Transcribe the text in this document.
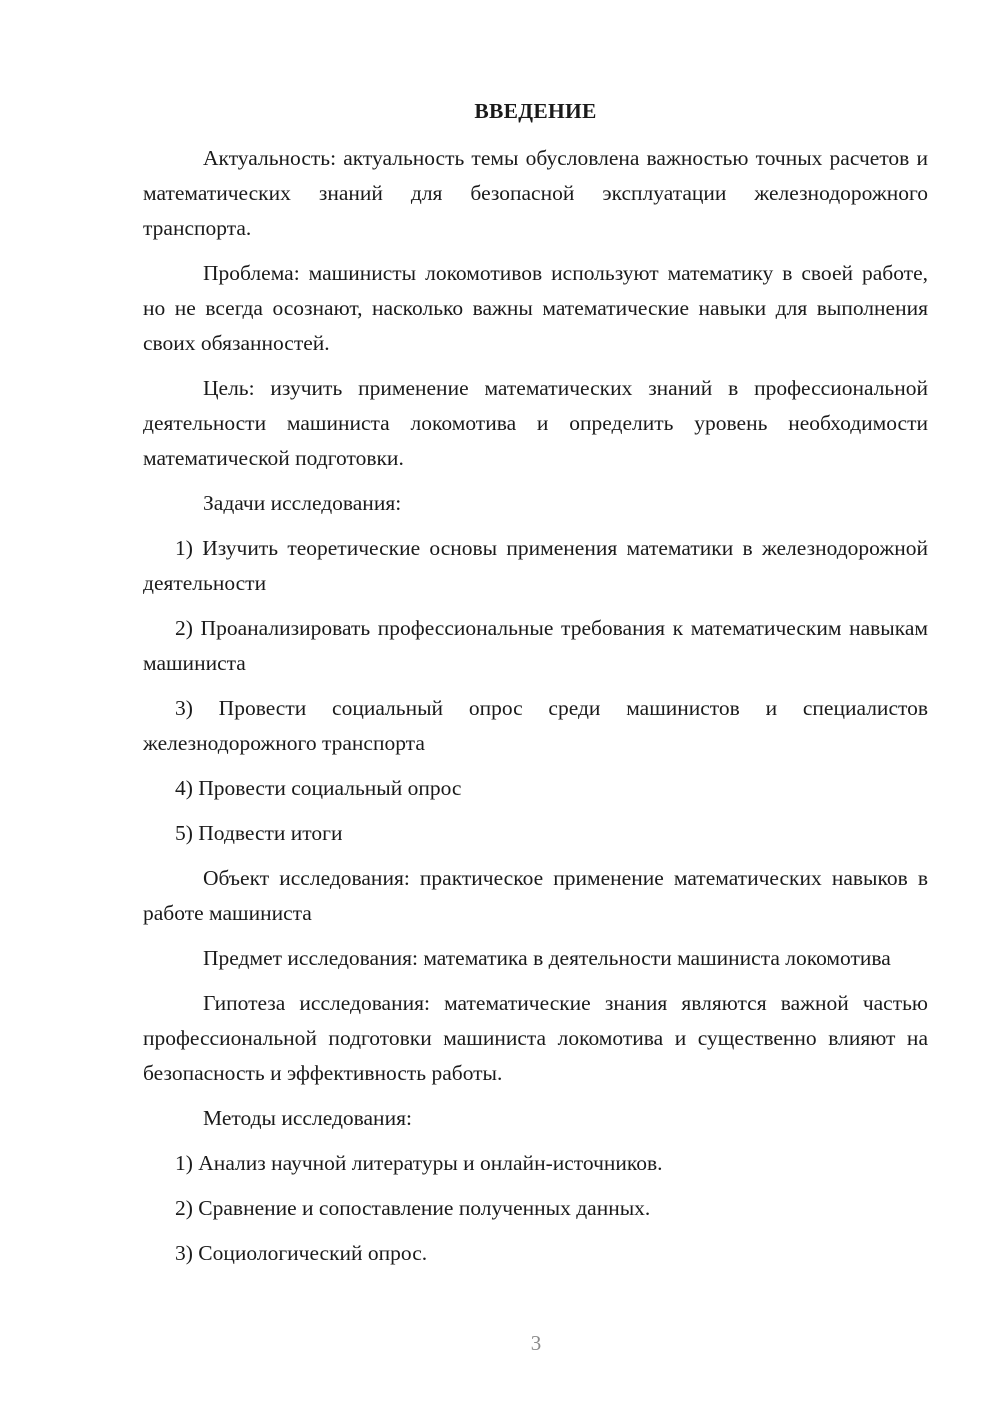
ВВЕДЕНИЕ

Актуальность: актуальность темы обусловлена важностью точных расчетов и математических знаний для безопасной эксплуатации железнодорожного транспорта.

Проблема: машинисты локомотивов используют математику в своей работе, но не всегда осознают, насколько важны математические навыки для выполнения своих обязанностей.

Цель: изучить применение математических знаний в профессиональной деятельности машиниста локомотива и определить уровень необходимости математической подготовки.

Задачи исследования:

1) Изучить теоретические основы применения математики в железнодорожной деятельности

2) Проанализировать профессиональные требования к математическим навыкам машиниста

3) Провести социальный опрос среди машинистов и специалистов железнодорожного транспорта

4) Провести социальный опрос

5) Подвести итоги

Объект исследования: практическое применение математических навыков в работе машиниста

Предмет исследования: математика в деятельности машиниста локомотива

Гипотеза исследования: математические знания являются важной частью профессиональной подготовки машиниста локомотива и существенно влияют на безопасность и эффективность работы.

Методы исследования:

1) Анализ научной литературы и онлайн-источников.

2) Сравнение и сопоставление полученных данных.

3) Социологический опрос.

3
